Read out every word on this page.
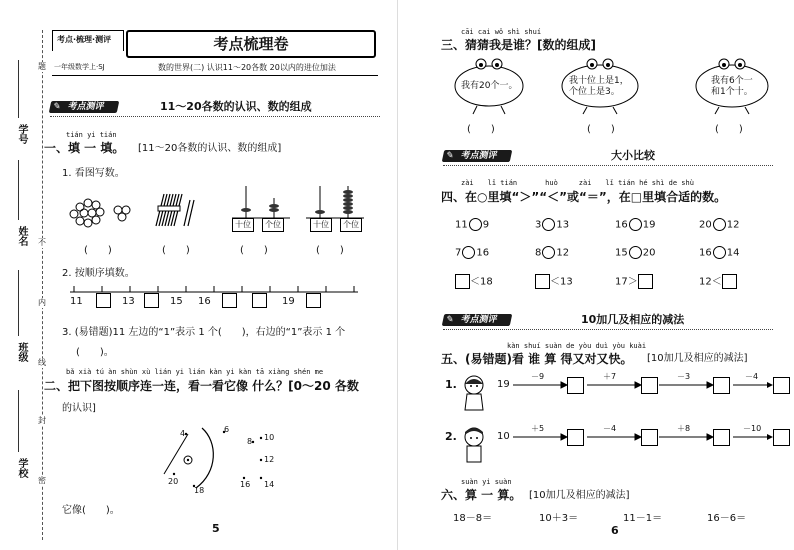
学号
姓名
班级
学校
题
不
内
线
封
密
考点·梳理·测评
一年级数学上·SJ
考点梳理卷
数的世界(二) 认识11～20各数 20以内的进位加法
✎ 考点测评	11～20各数的认识、数的组成
tián yi tián
一、填 一 填。 [11～20各数的认识、数的组成]
1. 看图写数。
十位	个位	十位	个位
(　　)	(　　)	(　　)	(　　)
2. 按顺序填数。
11	13	15 16	19
3. (易错题)11 左边的“1”表示 1 个(　　)，右边的“1”表示 1 个
(　　)。
bǎ xià tú àn shùn xù lián yi lián kàn yi kàn tā xiàng shén me
二、把下图按顺序连一连，看一看它像 什么？[0～20 各数
的认识]
4	6
8 10
20
12
18
16 14
它像(　　)。
5
cāi cai wǒ shì shuí
三、猜猜我是谁？[数的组成]
我有20个一。	我十位上是1，
个位上是3。
我有6个一
和1个十。
(　　)	(　　)	(　　)
✎ 考点测评	大小比较
zài　　lǐ tián　　　　huò　　　zài　　lǐ tián hé shì de shù
四、在○里填“＞”“＜”或“＝”，在□里填合适的数。
11 9	3 13	16 19	20 12
7 16	8 12	15 20	16 14
＜18	＜13	17＞	12＜
✎ 考点测评	10加几及相应的减法
kàn shuí suàn de yòu duì yòu kuài
五、(易错题)看 谁 算 得又对又快。 [10加几及相应的减法]
1.	19
－9	＋7	－3	－4
2.	10
＋5	－4	＋8	－10
suàn yi suàn
六、算 一 算。 [10加几及相应的减法]
18－8＝	10＋3＝	11－1＝	16－6＝
6
